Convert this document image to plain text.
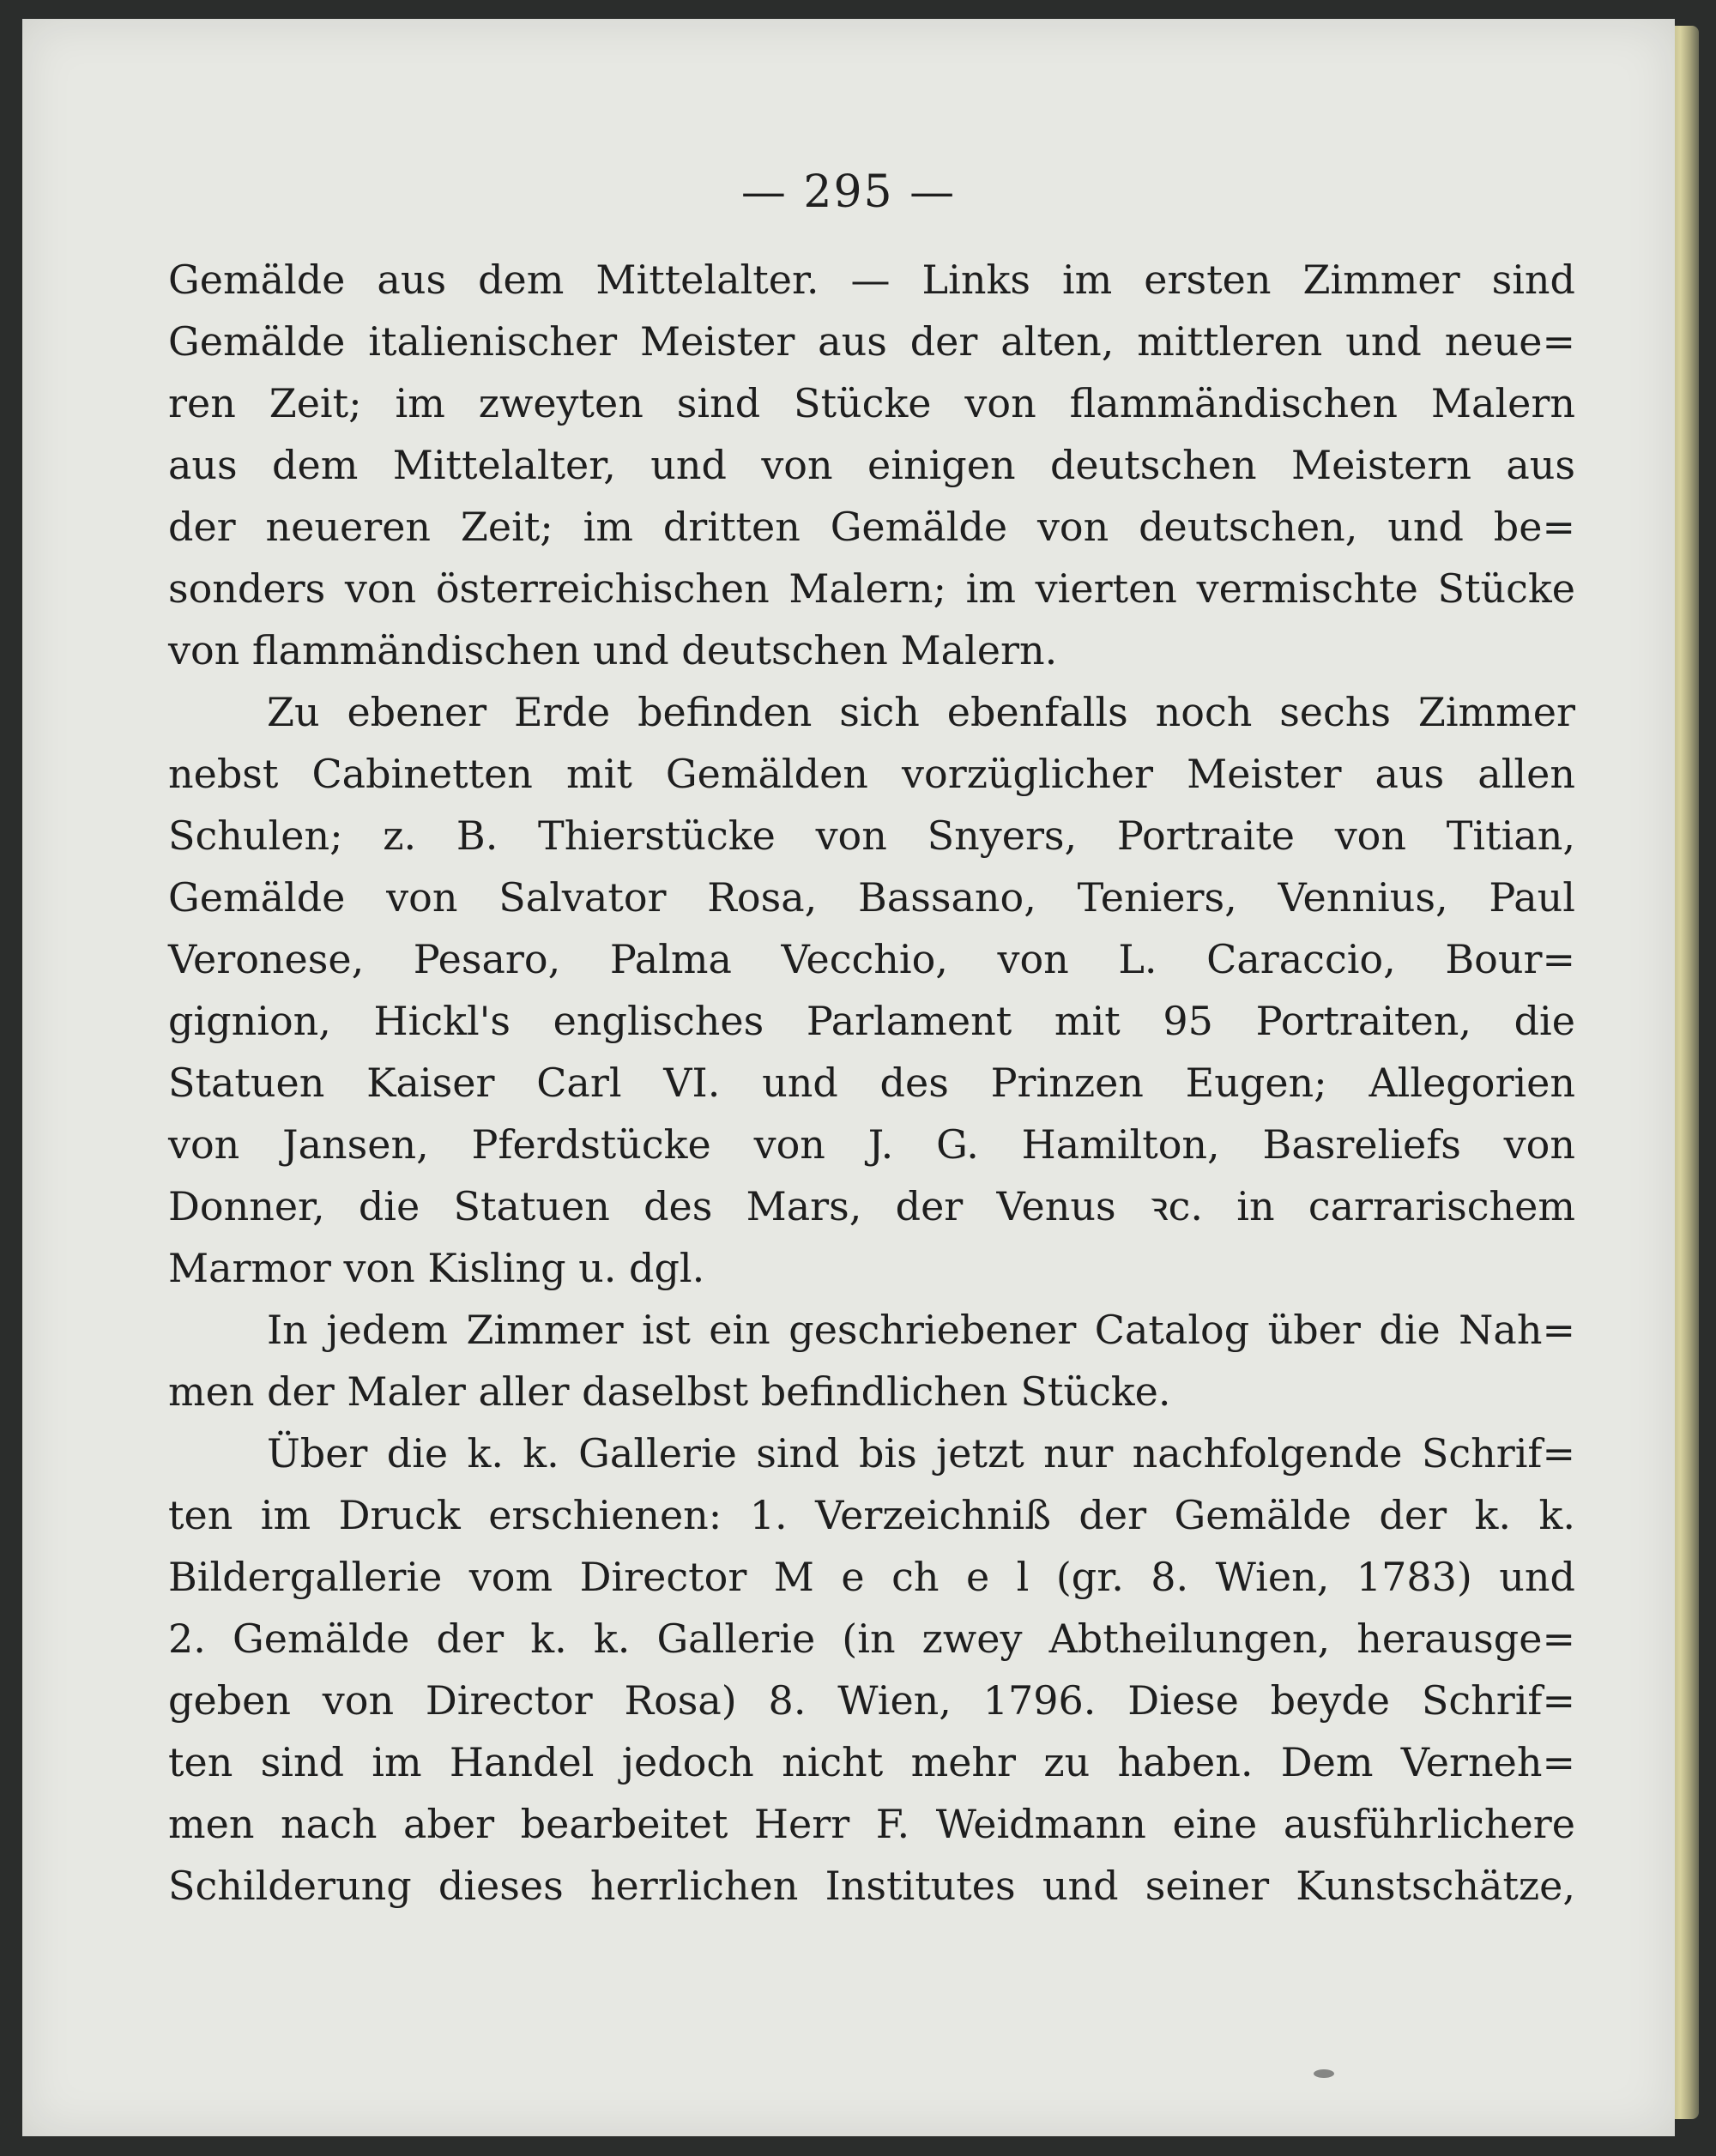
— 295 —
Gemälde aus dem Mittelalter. — Links im ersten Zimmer sind
Gemälde italienischer Meister aus der alten, mittleren und neue=
ren Zeit; im zweyten sind Stücke von flammändischen Malern
aus dem Mittelalter, und von einigen deutschen Meistern aus
der neueren Zeit; im dritten Gemälde von deutschen, und be=
sonders von österreichischen Malern; im vierten vermischte Stücke
von flammändischen und deutschen Malern.
Zu ebener Erde befinden sich ebenfalls noch sechs Zimmer
nebst Cabinetten mit Gemälden vorzüglicher Meister aus allen
Schulen; z. B. Thierstücke von Snyers, Portraite von Titian,
Gemälde von Salvator Rosa, Bassano, Teniers, Vennius, Paul
Veronese, Pesaro, Palma Vecchio, von L. Caraccio, Bour=
gignion, Hickl's englisches Parlament mit 95 Portraiten, die
Statuen Kaiser Carl VI. und des Prinzen Eugen; Allegorien
von Jansen, Pferdstücke von J. G. Hamilton, Basreliefs von
Donner, die Statuen des Mars, der Venus ꝛc. in carrarischem
Marmor von Kisling u. dgl.
In jedem Zimmer ist ein geschriebener Catalog über die Nah=
men der Maler aller daselbst befindlichen Stücke.
Über die k. k. Gallerie sind bis jetzt nur nachfolgende Schrif=
ten im Druck erschienen: 1. Verzeichniß der Gemälde der k. k.
Bildergallerie vom Director M e ch e l (gr. 8. Wien, 1783) und
2. Gemälde der k. k. Gallerie (in zwey Abtheilungen, herausge=
geben von Director Rosa) 8. Wien, 1796. Diese beyde Schrif=
ten sind im Handel jedoch nicht mehr zu haben. Dem Verneh=
men nach aber bearbeitet Herr F. Weidmann eine ausführlichere
Schilderung dieses herrlichen Institutes und seiner Kunstschätze,
